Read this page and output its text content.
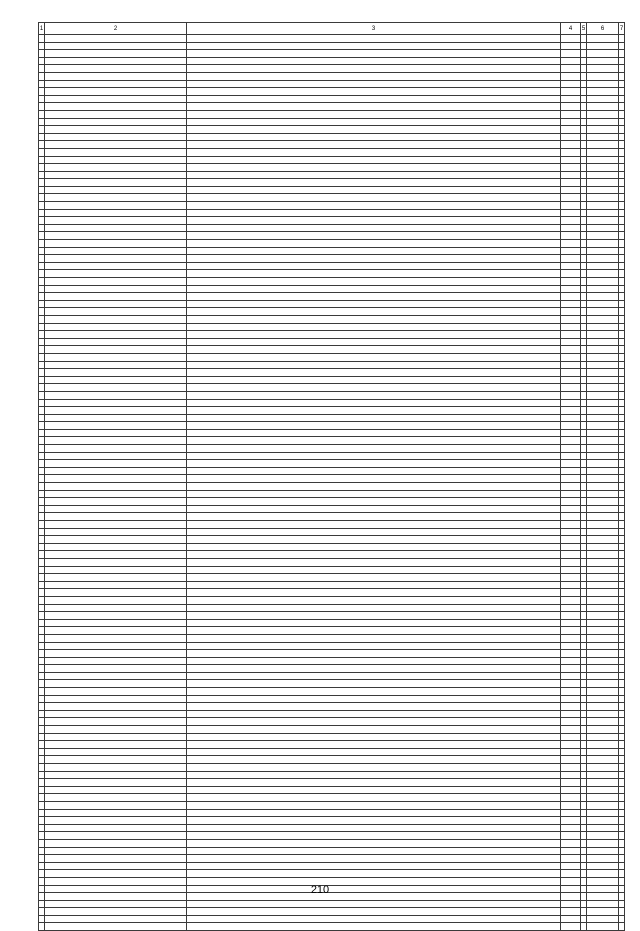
1	2	3	4	5	6	7

210
